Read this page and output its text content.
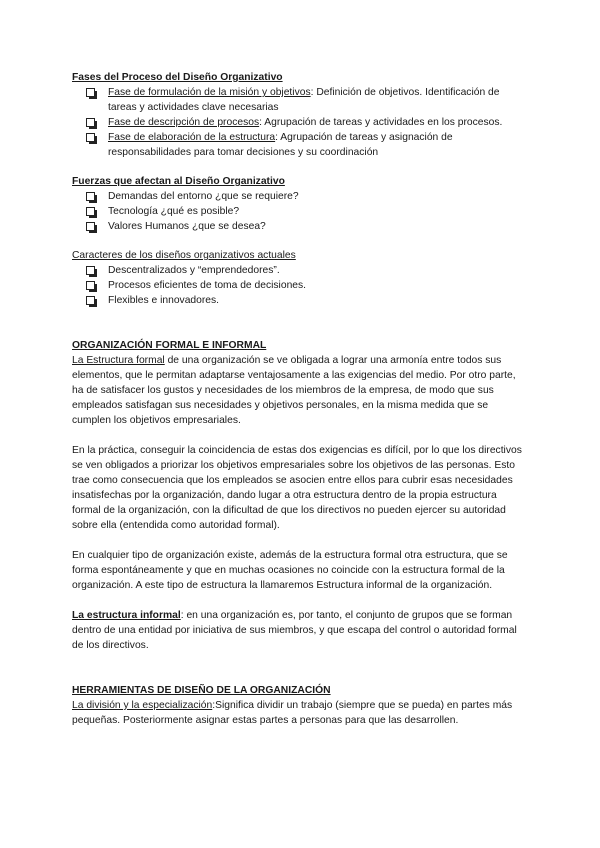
Fases del Proceso del Diseño Organizativo

Fase de formulación de la misión y objetivos: Definición de objetivos. Identificación de tareas y actividades clave necesarias
Fase de descripción de procesos: Agrupación de tareas y actividades en los procesos.
Fase de elaboración de la estructura: Agrupación de tareas y asignación de responsabilidades para tomar decisiones y su coordinación

Fuerzas que afectan al Diseño Organizativo

Demandas del entorno ¿que se requiere?
Tecnología ¿qué es posible?
Valores Humanos ¿que se desea?

Caracteres de los diseños organizativos actuales

Descentralizados y “emprendedores”.
Procesos eficientes de toma de decisiones.
Flexibles e innovadores.

ORGANIZACIÓN FORMAL E INFORMAL

La Estructura formal de una organización se ve obligada a lograr una armonía entre todos sus elementos, que le permitan adaptarse ventajosamente a las exigencias del medio. Por otro parte, ha de satisfacer los gustos y necesidades de los miembros de la empresa, de modo que sus empleados satisfagan sus necesidades y objetivos personales, en la misma medida que se cumplen los objetivos empresariales.

En la práctica, conseguir la coincidencia de estas dos exigencias es difícil, por lo que los directivos se ven obligados a priorizar los objetivos empresariales sobre los objetivos de las personas. Esto trae como consecuencia que los empleados se asocien entre ellos para cubrir esas necesidades insatisfechas por la organización, dando lugar a otra estructura dentro de la propia estructura formal de la organización, con la dificultad de que los directivos no pueden ejercer su autoridad sobre ella (entendida como autoridad formal).

En cualquier tipo de organización existe, además de la estructura formal otra estructura, que se forma espontáneamente y que en muchas ocasiones no coincide con la estructura formal de la organización. A este tipo de estructura la llamaremos Estructura informal de la organización.

La estructura informal: en una organización es, por tanto, el conjunto de grupos que se forman dentro de una entidad por iniciativa de sus miembros, y que escapa del control o autoridad formal de los directivos.

HERRAMIENTAS DE DISEÑO DE LA ORGANIZACIÓN

La división y la especialización:Significa dividir un trabajo (siempre que se pueda) en partes más pequeñas. Posteriormente asignar estas partes a personas para que las desarrollen.
